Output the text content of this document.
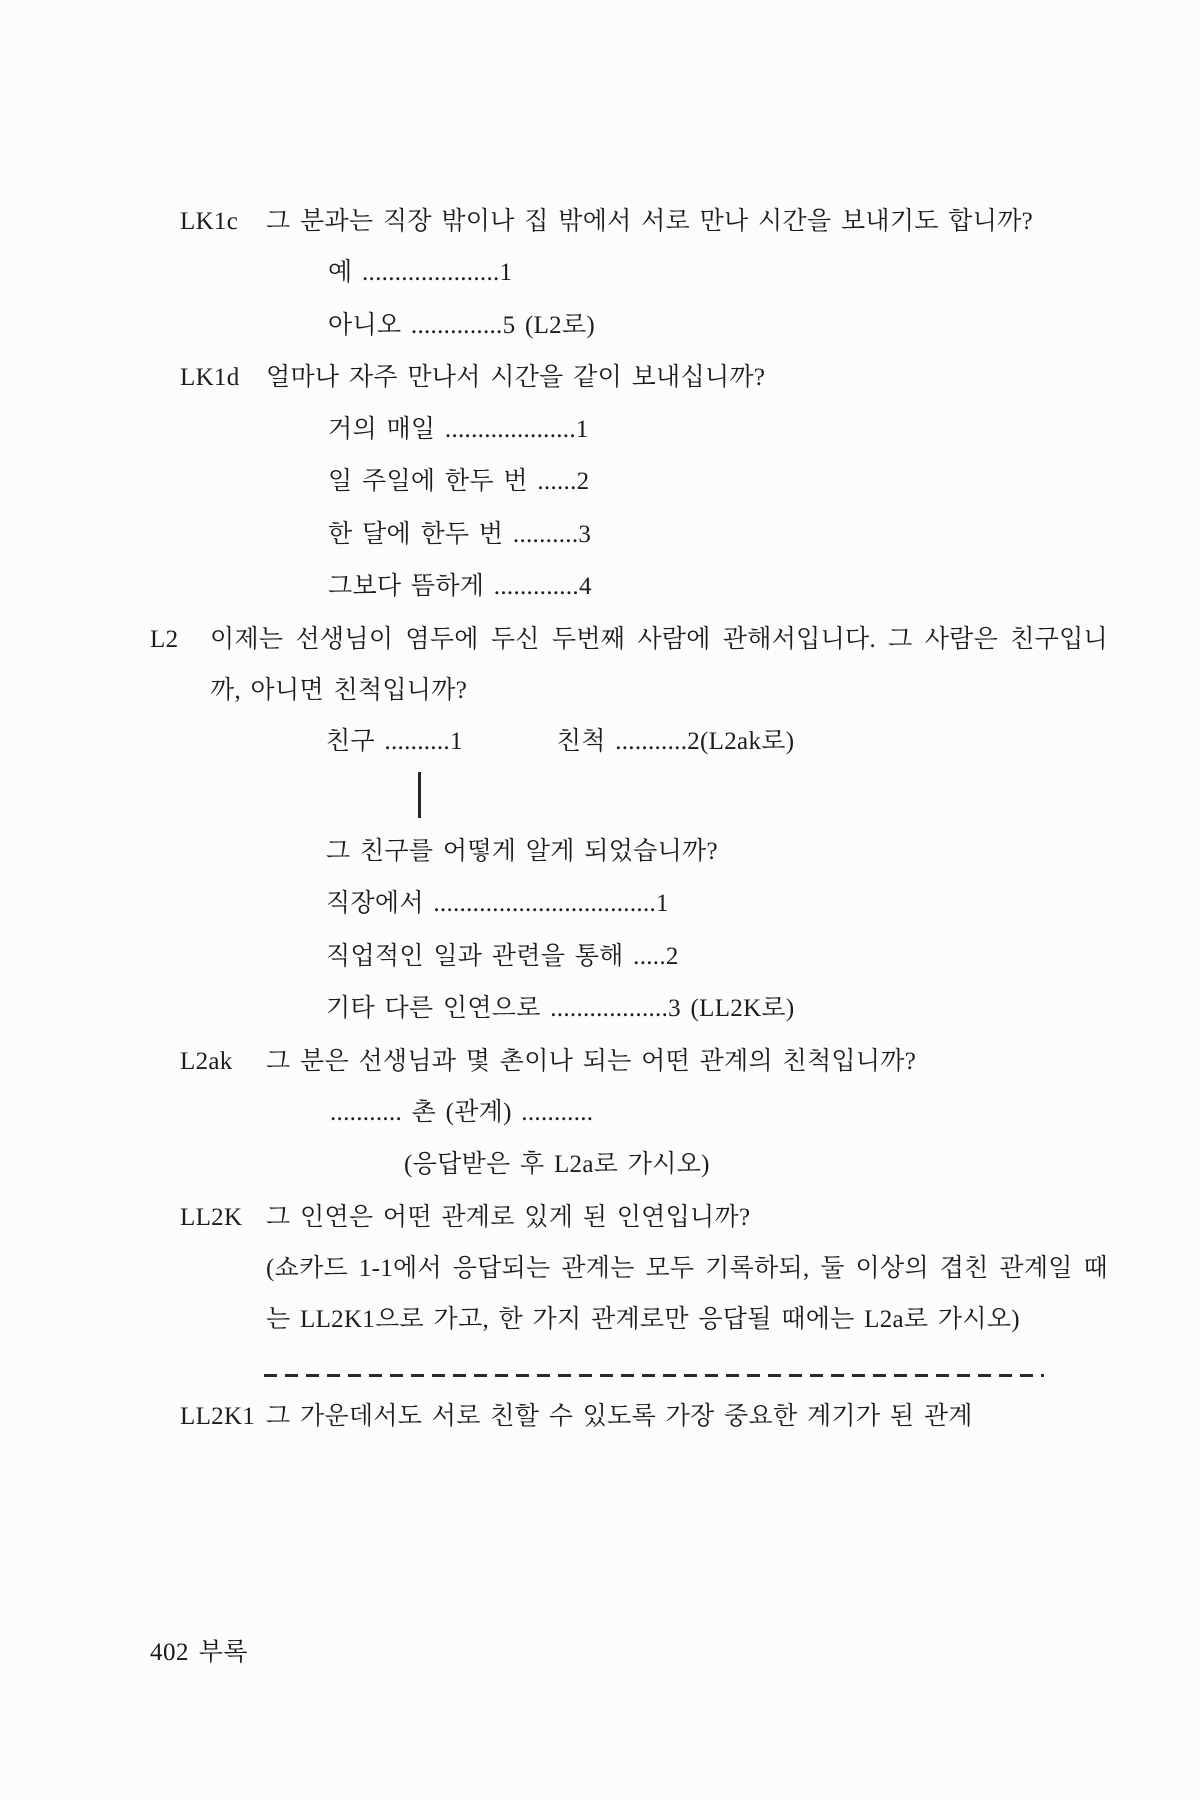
LK1c	그 분과는 직장 밖이나 집 밖에서 서로 만나 시간을 보내기도 합니까?
예 .....................1
아니오 ..............5 (L2로)
LK1d	얼마나 자주 만나서 시간을 같이 보내십니까?
거의 매일 ....................1
일 주일에 한두 번 ......2
한 달에 한두 번 ..........3
그보다 뜸하게 .............4
L2	이제는 선생님이 염두에 두신 두번째 사람에 관해서입니다. 그 사람은 친구입니까, 아니면 친척입니까?
친구 ..........1	친척 ...........2(L2ak로)
그 친구를 어떻게 알게 되었습니까?
직장에서 ..................................1
직업적인 일과 관련을 통해 .....2
기타 다른 인연으로 ..................3 (LL2K로)
L2ak	그 분은 선생님과 몇 촌이나 되는 어떤 관계의 친척입니까?
........... 촌 (관계) ...........
(응답받은 후 L2a로 가시오)
LL2K 그 인연은 어떤 관계로 있게 된 인연입니까?
(쇼카드 1-1에서 응답되는 관계는 모두 기록하되, 둘 이상의 겹친 관계일 때는 LL2K1으로 가고, 한 가지 관계로만 응답될 때에는 L2a로 가시오)
LL2K1 그 가운데서도 서로 친할 수 있도록 가장 중요한 계기가 된 관계
402 부록
